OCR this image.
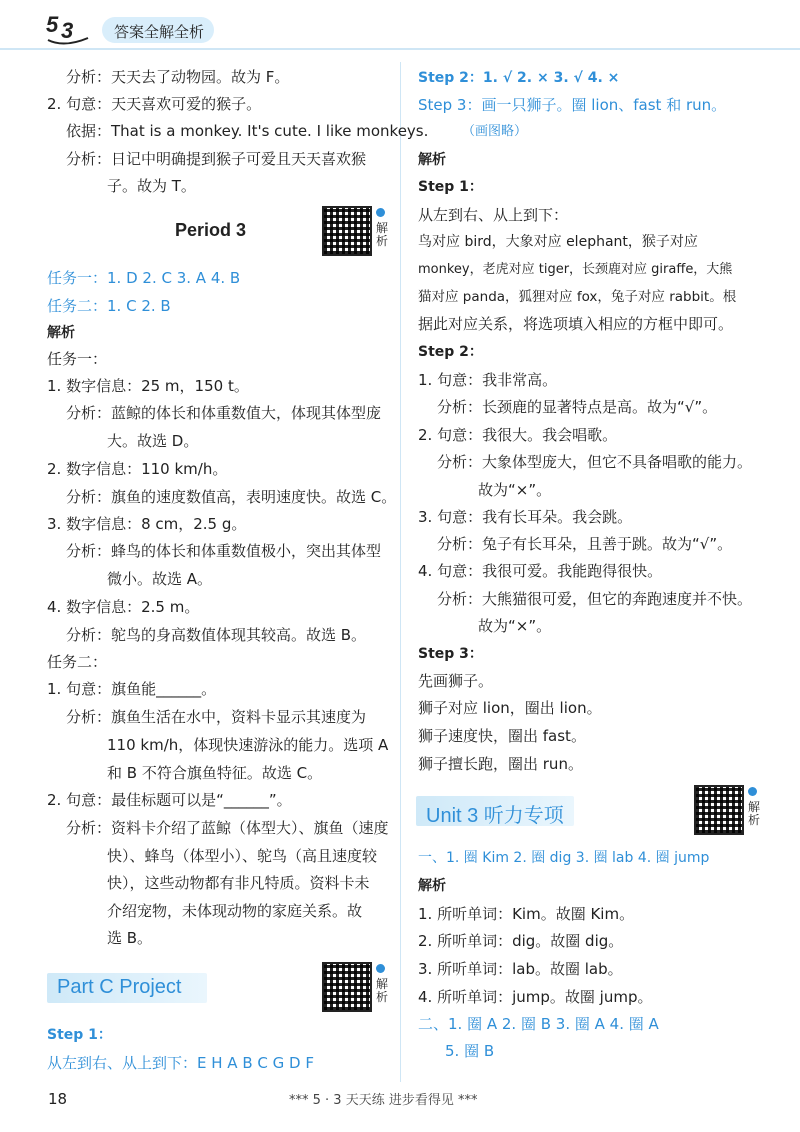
5 3	答案全解全析
分析：天天去了动物园。故为 F。
2. 句意：天天喜欢可爱的猴子。
依据：That is a monkey. It's cute. I like monkeys.
分析：日记中明确提到猴子可爱且天天喜欢猴
子。故为 T。
Period 3	解析
任务一：1. D 2. C 3. A 4. B
任务二：1. C 2. B
解析
任务一：
1. 数字信息：25 m，150 t。
分析：蓝鲸的体长和体重数值大，体现其体型庞
大。故选 D。
2. 数字信息：110 km/h。
分析：旗鱼的速度数值高，表明速度快。故选 C。
3. 数字信息：8 cm，2.5 g。
分析：蜂鸟的体长和体重数值极小，突出其体型
微小。故选 A。
4. 数字信息：2.5 m。
分析：鸵鸟的身高数值体现其较高。故选 B。
任务二：
1. 句意：旗鱼能______。
分析：旗鱼生活在水中，资料卡显示其速度为
110 km/h，体现快速游泳的能力。选项 A
和 B 不符合旗鱼特征。故选 C。
2. 句意：最佳标题可以是“______”。
分析：资料卡介绍了蓝鲸（体型大）、旗鱼（速度
快）、蜂鸟（体型小）、鸵鸟（高且速度较
快），这些动物都有非凡特质。资料卡未
介绍宠物，未体现动物的家庭关系。故
选 B。
Part C Project	解析
Step 1：
从左到右、从上到下：E H A B C G D F
Step 2：1. √ 2. × 3. √ 4. ×
Step 3：画一只狮子。圈 lion、fast 和 run。
（画图略）
解析
Step 1：
从左到右、从上到下：
鸟对应 bird，大象对应 elephant，猴子对应
monkey，老虎对应 tiger，长颈鹿对应 giraffe，大熊
猫对应 panda，狐狸对应 fox，兔子对应 rabbit。根
据此对应关系，将选项填入相应的方框中即可。
Step 2：
1. 句意：我非常高。
分析：长颈鹿的显著特点是高。故为“√”。
2. 句意：我很大。我会唱歌。
分析：大象体型庞大，但它不具备唱歌的能力。
故为“×”。
3. 句意：我有长耳朵。我会跳。
分析：兔子有长耳朵，且善于跳。故为“√”。
4. 句意：我很可爱。我能跑得很快。
分析：大熊猫很可爱，但它的奔跑速度并不快。
故为“×”。
Step 3：
先画狮子。
狮子对应 lion，圈出 lion。
狮子速度快，圈出 fast。
狮子擅长跑，圈出 run。
Unit 3 听力专项	解析
一、1. 圈 Kim 2. 圈 dig 3. 圈 lab 4. 圈 jump
解析
1. 所听单词：Kim。故圈 Kim。
2. 所听单词：dig。故圈 dig。
3. 所听单词：lab。故圈 lab。
4. 所听单词：jump。故圈 jump。
二、1. 圈 A 2. 圈 B 3. 圈 A 4. 圈 A
5. 圈 B
18	*** 5 · 3 天天练 进步看得见 ***
